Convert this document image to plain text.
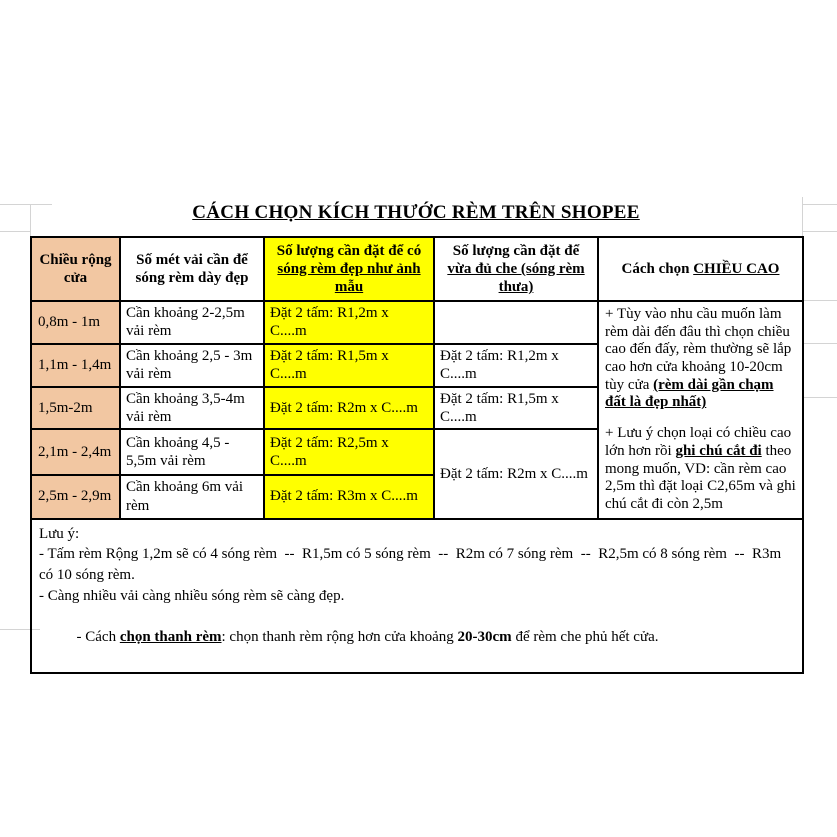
CÁCH CHỌN KÍCH THƯỚC RÈM TRÊN SHOPEE
Chiều rộng cửa	Số mét vải cần để sóng rèm dày đẹp	Số lượng cần đặt để có sóng rèm đẹp như ảnh mẫu	Số lượng cần đặt để vừa đủ che (sóng rèm thưa)	Cách chọn CHIỀU CAO
0,8m - 1m	Cần khoảng 2-2,5m vải rèm	Đặt 2 tấm: R1,2m x C....m		+ Tùy vào nhu cầu muốn làm rèm dài đến đâu thì chọn chiều cao đến đấy, rèm thường sẽ lắp cao hơn cửa khoảng 10-20cm tùy cửa (rèm dài gần chạm đất là đẹp nhất)
+ Lưu ý chọn loại có chiều cao lớn hơn rồi ghi chú cắt đi theo mong muốn, VD: cần rèm cao 2,5m thì đặt loại C2,65m và ghi chú cắt đi còn 2,5m

1,1m - 1,4m	Cần khoảng 2,5 - 3m vải rèm	Đặt 2 tấm: R1,5m x C....m	Đặt 2 tấm: R1,2m x C....m	
1,5m-2m	Cần khoảng 3,5-4m vải rèm	Đặt 2 tấm: R2m x C....m	Đặt 2 tấm: R1,5m x C....m	
2,1m - 2,4m	Cần khoảng 4,5 - 5,5m vải rèm	Đặt 2 tấm: R2,5m x C....m	Đặt 2 tấm: R2m x C....m	
2,5m - 2,9m	Cần khoảng 6m vải rèm	Đặt 2 tấm: R3m x C....m		

Lưu ý:
- Tấm rèm Rộng 1,2m sẽ có 4 sóng rèm  --  R1,5m có 5 sóng rèm  --  R2m có 7 sóng rèm  --  R2,5m có 8 sóng rèm  --  R3m có 10 sóng rèm.
- Càng nhiều vải càng nhiều sóng rèm sẽ càng đẹp.

- Cách chọn thanh rèm: chọn thanh rèm rộng hơn cửa khoảng 20-30cm để rèm che phủ hết cửa.				
